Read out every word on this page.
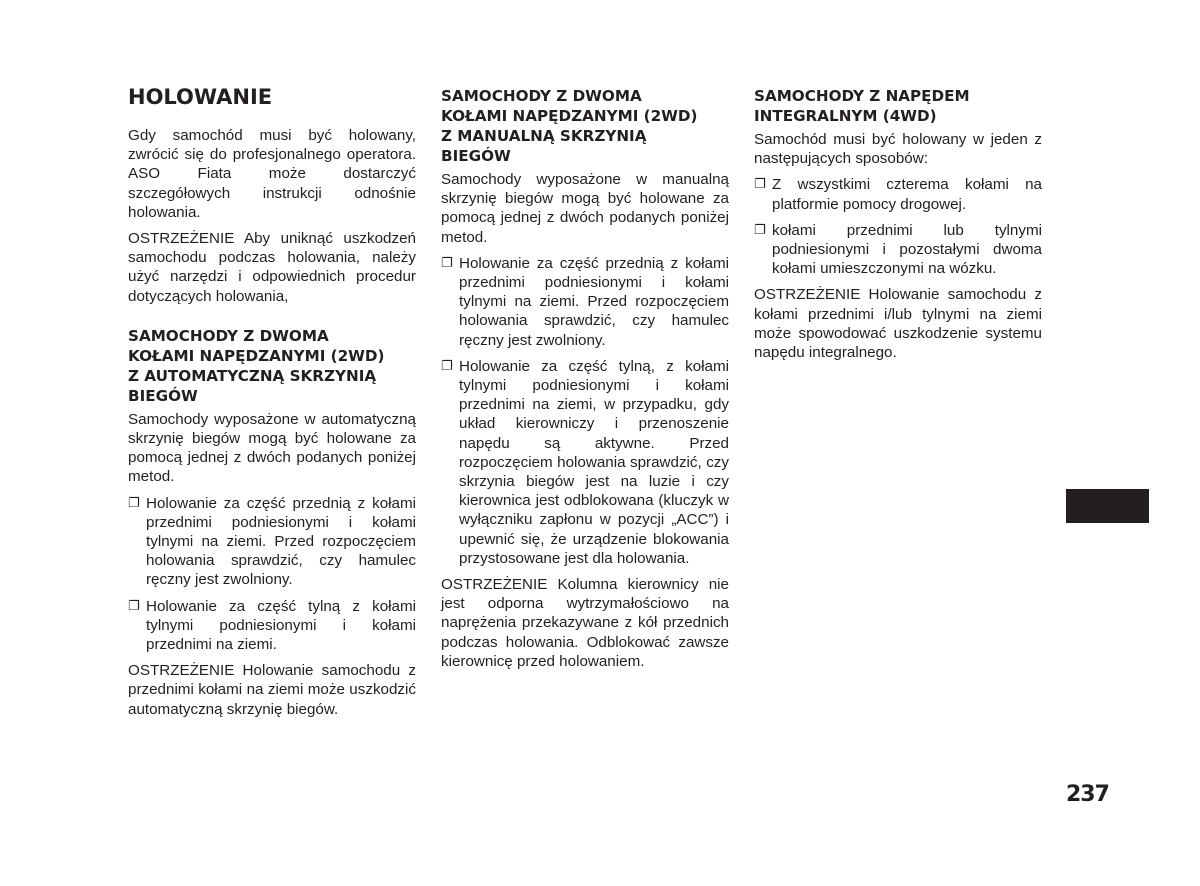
HOLOWANIE

Gdy samochód musi być holowany, zwrócić się do profesjonalnego operatora. ASO Fiata może dostarczyć szczegółowych instrukcji odnośnie holowania.

OSTRZEŻENIE Aby uniknąć uszkodzeń samochodu podczas holowania, należy użyć narzędzi i odpowiednich procedur dotyczących holowania,

SAMOCHODY Z DWOMA
KOŁAMI NAPĘDZANYMI (2WD)
Z AUTOMATYCZNĄ SKRZYNIĄ
BIEGÓW

Samochody wyposażone w automatyczną skrzynię biegów mogą być holowane za pomocą jednej z dwóch podanych poniżej metod.

❐ Holowanie za część przednią z kołami przednimi podniesionymi i kołami tylnymi na ziemi. Przed rozpoczęciem holowania sprawdzić, czy hamulec ręczny jest zwolniony.
❐ Holowanie za część tylną z kołami tylnymi podniesionymi i kołami przednimi na ziemi.

OSTRZEŻENIE Holowanie samochodu z przednimi kołami na ziemi może uszkodzić automatyczną skrzynię biegów.

SAMOCHODY Z DWOMA
KOŁAMI NAPĘDZANYMI (2WD)
Z MANUALNĄ SKRZYNIĄ
BIEGÓW

Samochody wyposażone w manualną skrzynię biegów mogą być holowane za pomocą jednej z dwóch podanych poniżej metod.

❐ Holowanie za część przednią z kołami przednimi podniesionymi i kołami tylnymi na ziemi. Przed rozpoczęciem holowania sprawdzić, czy hamulec ręczny jest zwolniony.
❐ Holowanie za część tylną, z kołami tylnymi podniesionymi i kołami przednimi na ziemi, w przypadku, gdy układ kierowniczy i przenoszenie napędu są aktywne. Przed rozpoczęciem holowania sprawdzić, czy skrzynia biegów jest na luzie i czy kierownica jest odblokowana (kluczyk w wyłączniku zapłonu w pozycji „ACC”) i upewnić się, że urządzenie blokowania przystosowane jest dla holowania.

OSTRZEŻENIE Kolumna kierownicy nie jest odporna wytrzymałościowo na naprężenia przekazywane z kół przednich podczas holowania. Odblokować zawsze kierownicę przed holowaniem.

SAMOCHODY Z NAPĘDEM
INTEGRALNYM (4WD)

Samochód musi być holowany w jeden z następujących sposobów:

❐ Z wszystkimi czterema kołami na platformie pomocy drogowej.
❐ kołami przednimi lub tylnymi podniesionymi i pozostałymi dwoma kołami umieszczonymi na wózku.

OSTRZEŻENIE Holowanie samochodu z kołami przednimi i/lub tylnymi na ziemi może spowodować uszkodzenie systemu napędu integralnego.

237
